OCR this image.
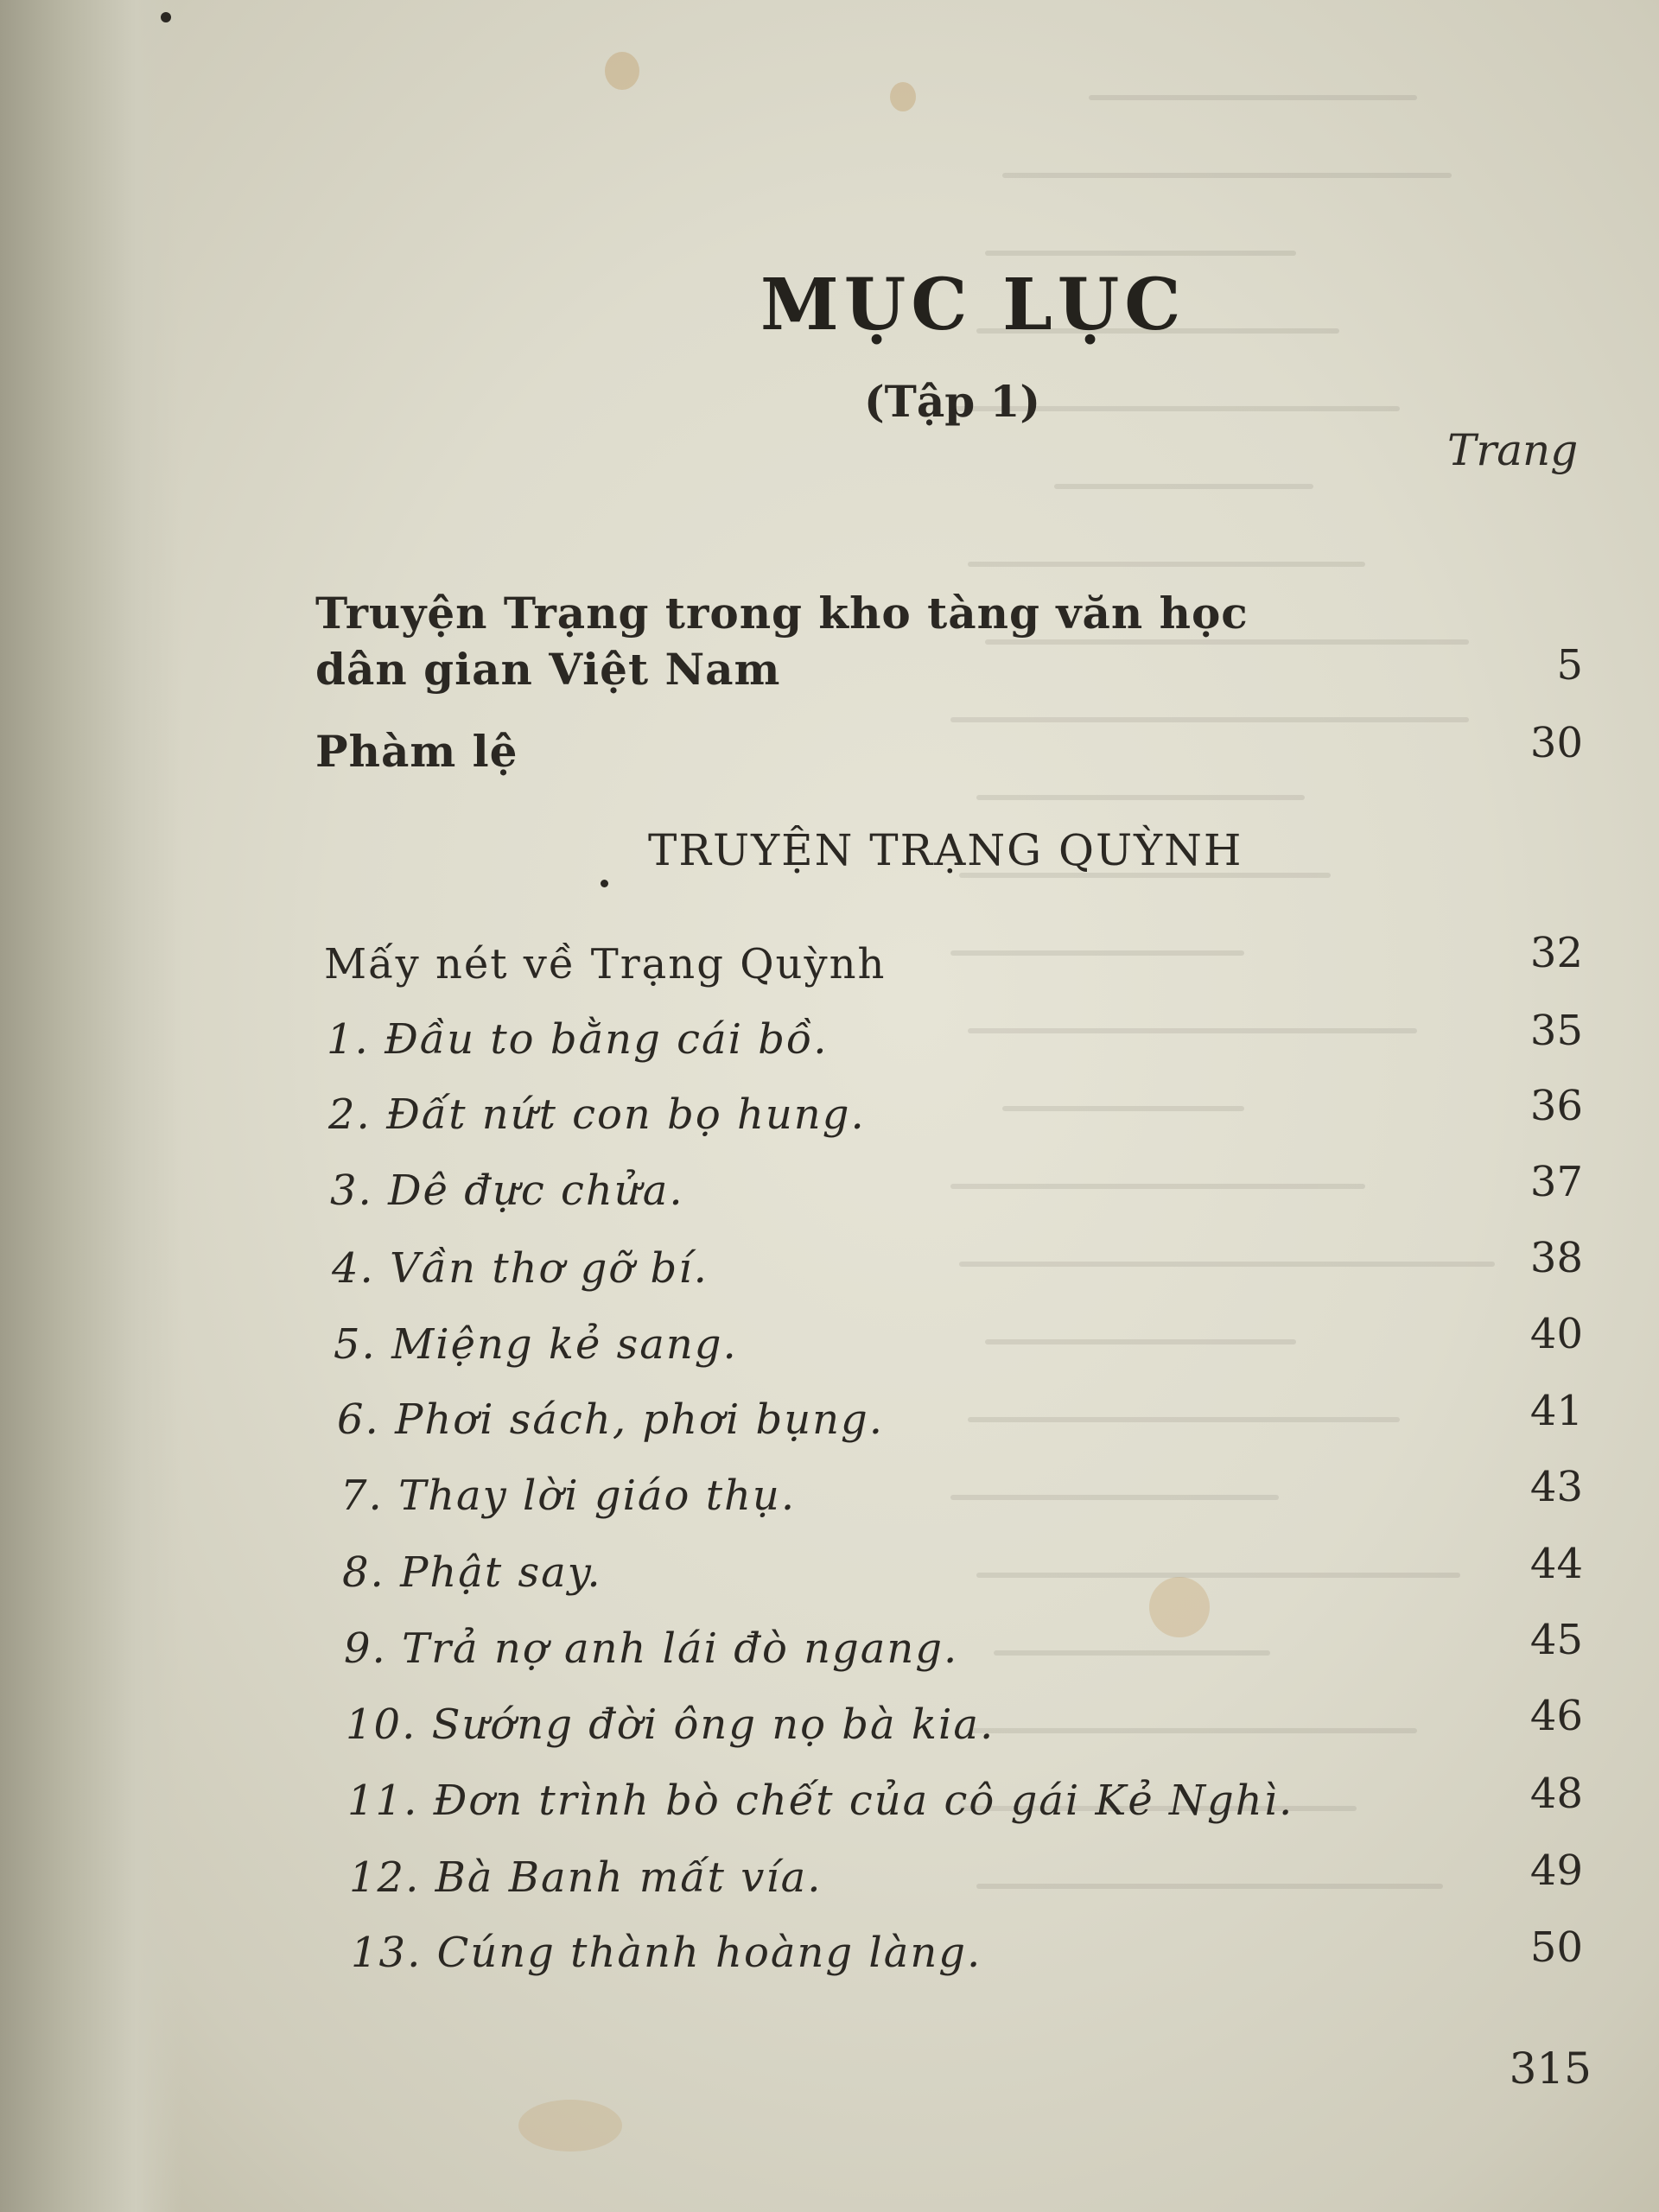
MỤC LỤC
(Tập 1)
Trang
Truyện Trạng trong kho tàng văn học
dân gian Việt Nam	5
Phàm lệ	30
TRUYỆN TRẠNG QUỲNH
Mấy nét về Trạng Quỳnh	32
1. Đầu to bằng cái bồ.	35
2. Đất nứt con bọ hung.	36
3. Dê đực chửa.	37
4. Vần thơ gỡ bí.	38
5. Miệng kẻ sang.	40
6. Phơi sách, phơi bụng.	41
7. Thay lời giáo thụ.	43
8. Phật say.	44
9. Trả nợ anh lái đò ngang.	45
10. Sướng đời ông nọ bà kia.	46
11. Đơn trình bò chết của cô gái Kẻ Nghì.	48
12. Bà Banh mất vía.	49
13. Cúng thành hoàng làng.	50
315
